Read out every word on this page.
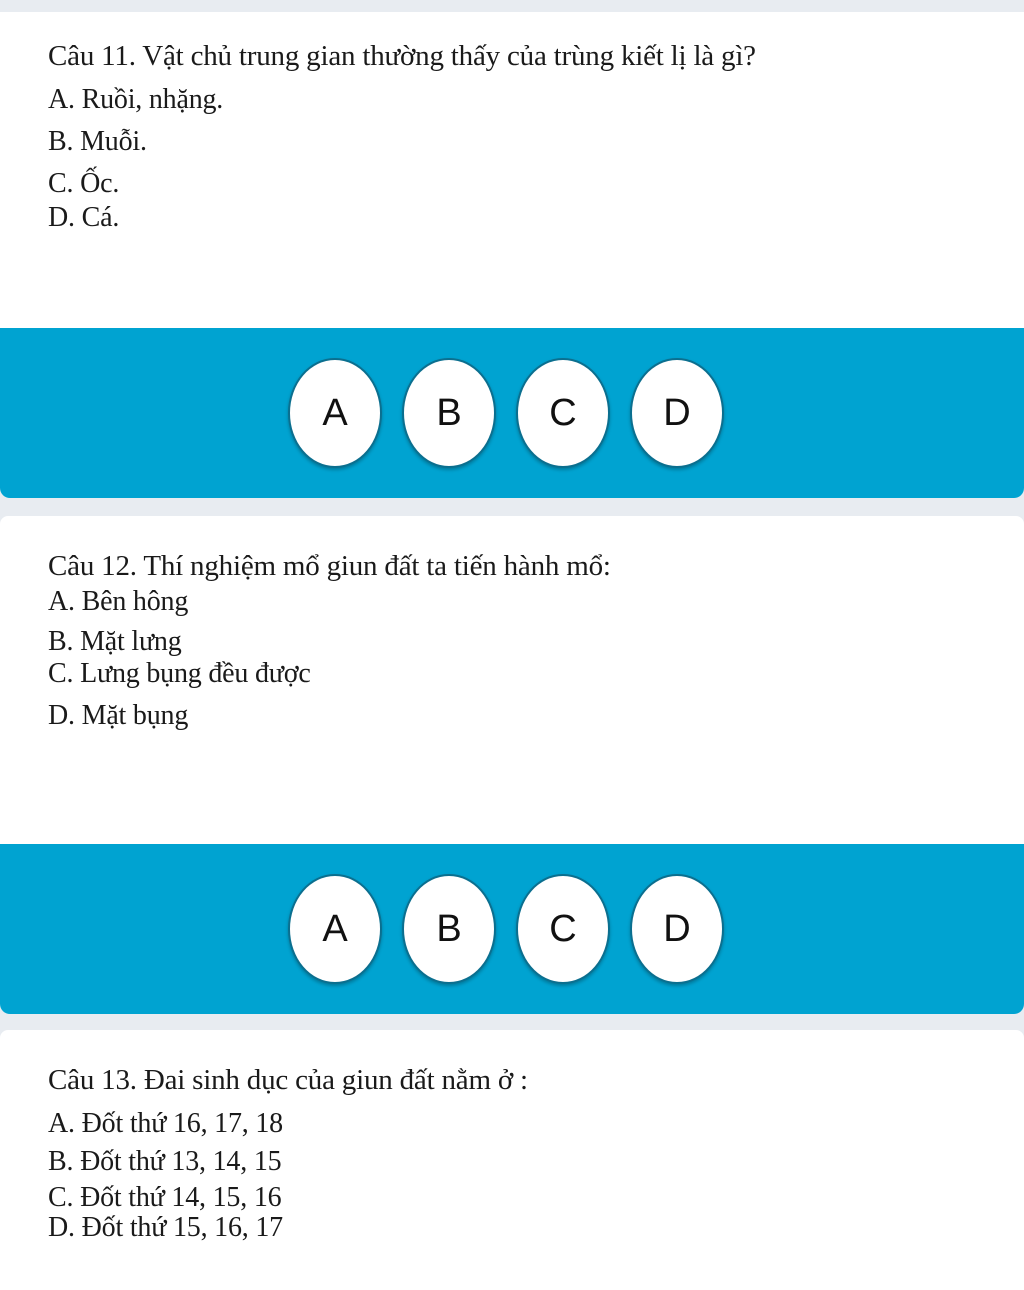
Câu 11. Vật chủ trung gian thường thấy của trùng kiết lị là gì?

A. Ruồi, nhặng.

B. Muỗi.

C. Ốc.

D. Cá.

A	B	C	D

Câu 12. Thí nghiệm mổ giun đất ta tiến hành mổ:

A. Bên hông

B. Mặt lưng

C. Lưng bụng đều được

D. Mặt bụng

A	B	C	D

Câu 13. Đai sinh dục của giun đất nằm ở :

A. Đốt thứ 16, 17, 18

B. Đốt thứ 13, 14, 15

C. Đốt thứ 14, 15, 16

D. Đốt thứ 15, 16, 17
